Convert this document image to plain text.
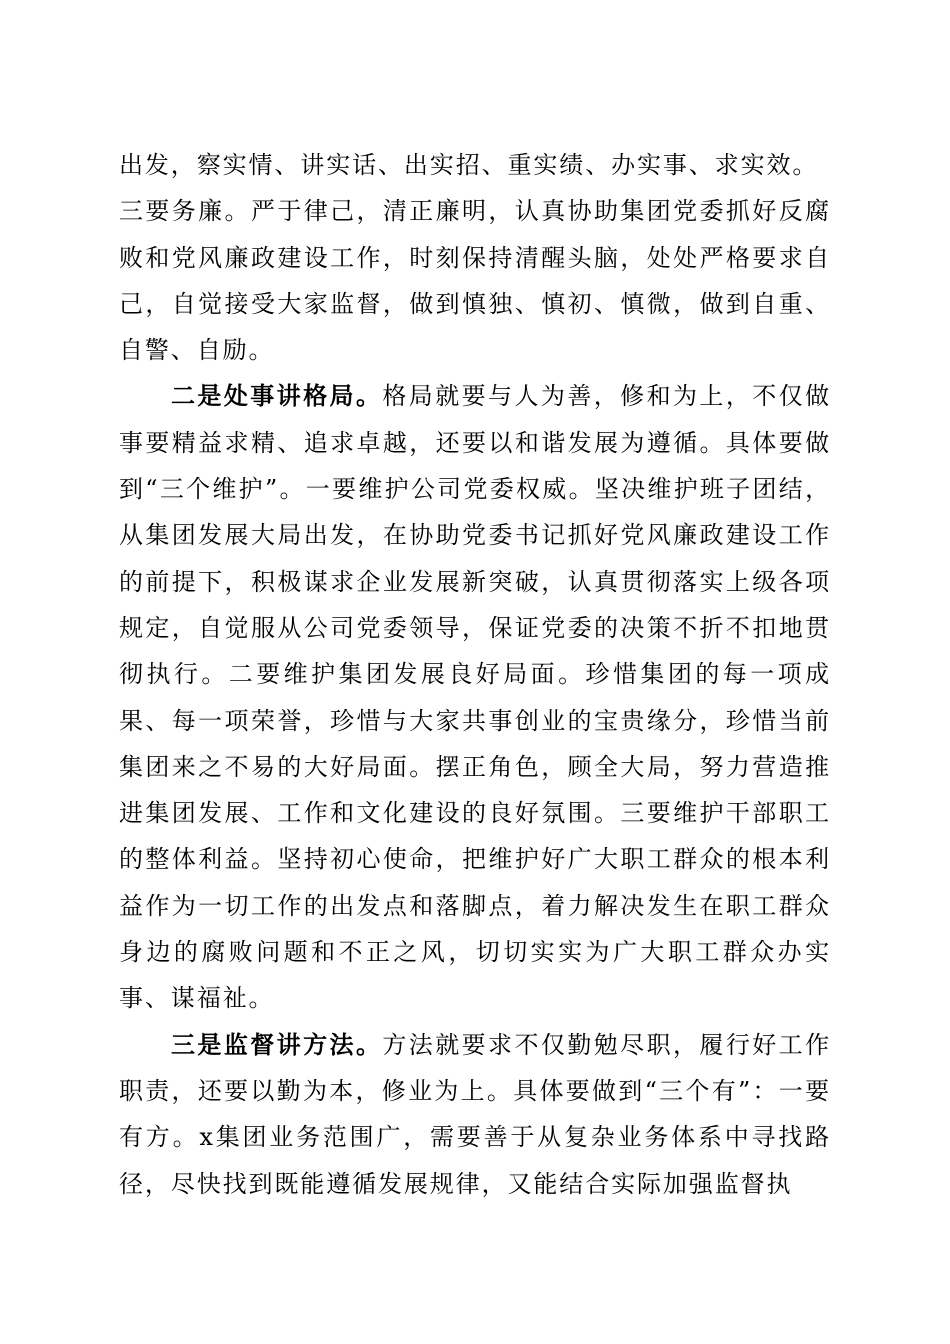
出发，察实情、讲实话、出实招、重实绩、办实事、求实效。

三要务廉。严于律己，清正廉明，认真协助集团党委抓好反腐败和党风廉政建设工作，时刻保持清醒头脑，处处严格要求自己，自觉接受大家监督，做到慎独、慎初、慎微，做到自重、自警、自励。

二是处事讲格局。格局就要与人为善，修和为上，不仅做事要精益求精、追求卓越，还要以和谐发展为遵循。具体要做到“三个维护”。一要维护公司党委权威。坚决维护班子团结，从集团发展大局出发，在协助党委书记抓好党风廉政建设工作的前提下，积极谋求企业发展新突破，认真贯彻落实上级各项规定，自觉服从公司党委领导，保证党委的决策不折不扣地贯彻执行。二要维护集团发展良好局面。珍惜集团的每一项成果、每一项荣誉，珍惜与大家共事创业的宝贵缘分，珍惜当前集团来之不易的大好局面。摆正角色，顾全大局，努力营造推进集团发展、工作和文化建设的良好氛围。三要维护干部职工的整体利益。坚持初心使命，把维护好广大职工群众的根本利益作为一切工作的出发点和落脚点，着力解决发生在职工群众身边的腐败问题和不正之风，切切实实为广大职工群众办实事、谋福祉。

三是监督讲方法。方法就要求不仅勤勉尽职，履行好工作职责，还要以勤为本，修业为上。具体要做到“三个有”：一要有方。x集团业务范围广，需要善于从复杂业务体系中寻找路径，尽快找到既能遵循发展规律，又能结合实际加强监督执
